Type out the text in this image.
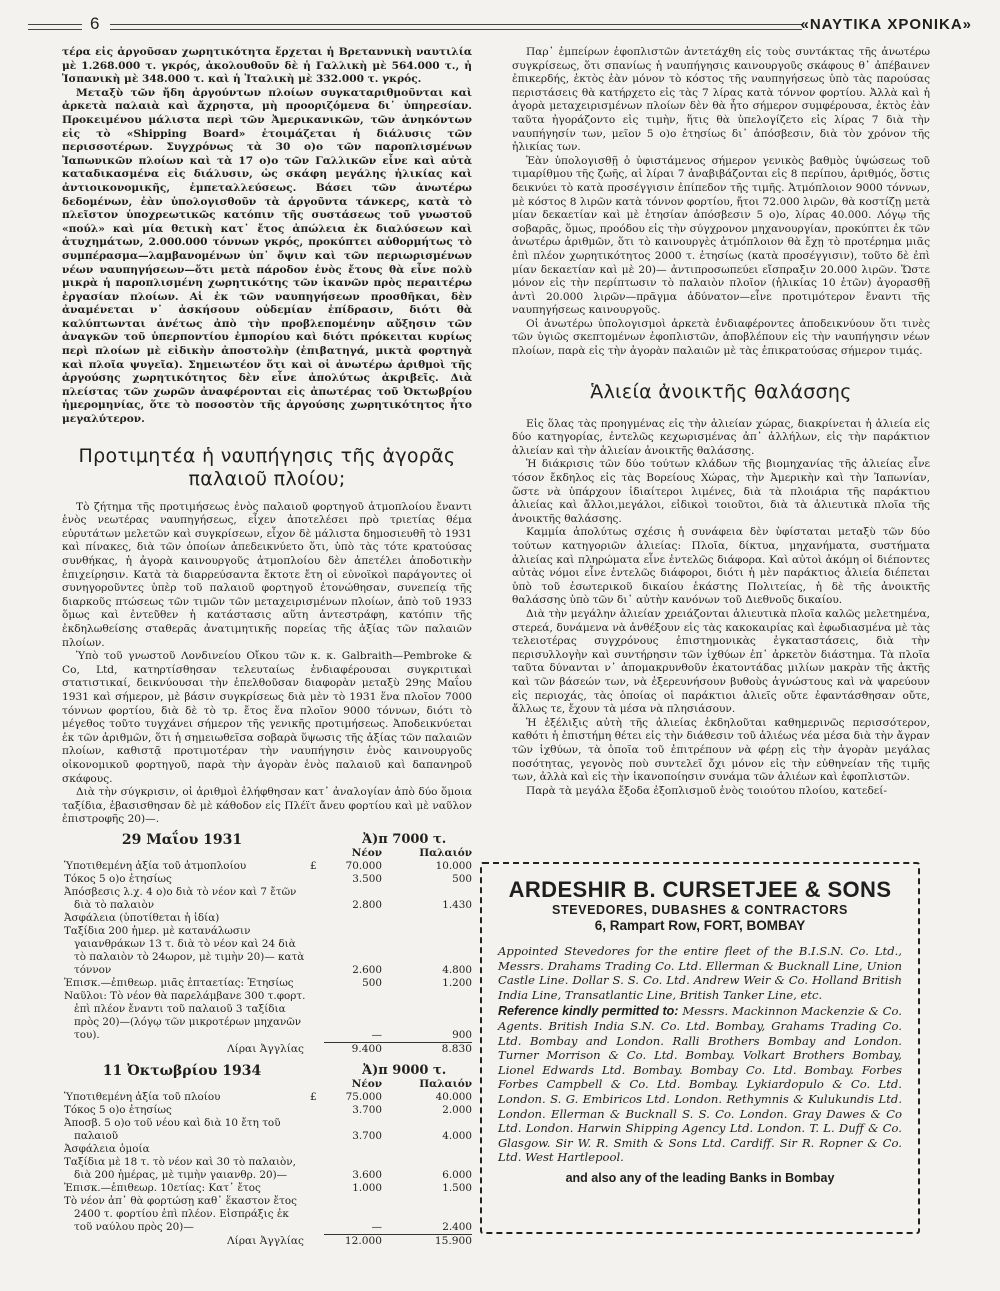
6	«ΝΑΥΤΙΚΑ ΧΡΟΝΙΚΑ»

τέρα εἰς ἀργοῦσαν χωρητικότητα ἔρχεται ἡ Βρεταννικὴ ναυτιλία μὲ 1.268.000 τ. γκρός, ἀκολουθοῦν δὲ ἡ Γαλλικὴ μὲ 564.000 τ., ἡ Ἱσπανικὴ μὲ 348.000 τ. καὶ ἡ Ἰταλικὴ μὲ 332.000 τ. γκρός.

Μεταξὺ τῶν ἤδη ἀργούντων πλοίων συγκαταριθμοῦνται καὶ ἀρκετὰ παλαιὰ καὶ ἄχρηστα, μὴ προοριζόμενα δι᾽ ὑπηρεσίαν. Προκειμένου μάλιστα περὶ τῶν Ἀμερικανικῶν, τῶν ἀνηκόντων εἰς τὸ «Shipping Board» ἑτοιμάζεται ἡ διάλυσις τῶν περισσοτέρων. Συγχρόνως τὰ 30 ο)ο τῶν παροπλισμένων Ἰαπωνικῶν πλοίων καὶ τὰ 17 ο)ο τῶν Γαλλικῶν εἶνε καὶ αὐτὰ καταδικασμένα εἰς διάλυσιν, ὡς σκάφη μεγάλης ἡλικίας καὶ ἀντιοικονομικῆς, ἐμπεταλλεύσεως. Βάσει τῶν ἀνωτέρω δεδομένων, ἐὰν ὑπολογισθοῦν τὰ ἀργοῦντα τάνκερς, κατὰ τὸ πλεῖστον ὑποχρεωτικῶς κατόπιν τῆς συστάσεως τοῦ γνωστοῦ «πούλ» καὶ μία θετικὴ κατ᾽ ἔτος ἀπώλεια ἐκ διαλύσεων καὶ ἀτυχημάτων, 2.000.000 τόννων γκρός, προκύπτει αὐθορμήτως τὸ συμπέρασμα—λαμβανομένων ὑπ᾽ ὄψιν καὶ τῶν περιωρισμένων νέων ναυπηγήσεων—ὅτι μετὰ πάροδον ἑνὸς ἔτους θὰ εἶνε πολὺ μικρὰ ἡ παροπλισμένη χωρητικότης τῶν ἱκανῶν πρὸς περαιτέρω ἐργασίαν πλοίων. Αἱ ἐκ τῶν ναυπηγήσεων προσθῆκαι, δὲν ἀναμένεται ν᾽ ἀσκήσουν οὐδεμίαν ἐπίδρασιν, διότι θὰ καλύπτωνται ἀνέτως ἀπὸ τὴν προβλεπομένην αὔξησιν τῶν ἀναγκῶν τοῦ ὑπερποντίου ἐμπορίου καὶ διότι πρόκειται κυρίως περὶ πλοίων μὲ εἰδικὴν ἀποστολὴν (ἐπιβατηγά, μικτὰ φορτηγὰ καὶ πλοῖα ψυγεῖα). Σημειωτέον ὅτι καὶ οἱ ἀνωτέρω ἀριθμοὶ τῆς ἀργούσης χωρητικότητος δὲν εἶνε ἀπολύτως ἀκριβεῖς. Διὰ πλείστας τῶν χωρῶν ἀναφέρονται εἰς ἀπωτέρας τοῦ Ὀκτωβρίου ἡμερομηνίας, ὅτε τὸ ποσοστὸν τῆς ἀργούσης χωρητικότητος ἦτο μεγαλύτερον.

Προτιμητέα ἡ ναυπήγησις τῆς ἀγορᾶς παλαιοῦ πλοίου;

Τὸ ζήτημα τῆς προτιμήσεως ἑνὸς παλαιοῦ φορτηγοῦ ἀτμοπλοίου ἔναντι ἑνὸς νεωτέρας ναυπηγήσεως, εἶχεν ἀποτελέσει πρὸ τριετίας θέμα εὐρυτάτων μελετῶν καὶ συγκρίσεων, εἶχον δὲ μάλιστα δημοσιευθῆ τὸ 1931 καὶ πίνακες, διὰ τῶν ὁποίων ἀπεδεικνύετο ὅτι, ὑπὸ τὰς τότε κρατούσας συνθήκας, ἡ ἀγορὰ καινουργοῦς ἀτμοπλοίου δὲν ἀπετέλει ἀποδοτικὴν ἐπιχείρησιν. Κατὰ τὰ διαρρεύσαντα ἔκτοτε ἔτη οἱ εὐνοϊκοὶ παράγοντες οἱ συνηγοροῦντες ὑπὲρ τοῦ παλαιοῦ φορτηγοῦ ἐτονώθησαν, συνεπείᾳ τῆς διαρκοῦς πτώσεως τῶν τιμῶν τῶν μεταχειρισμένων πλοίων, ἀπὸ τοῦ 1933 ὅμως καὶ ἐντεῦθεν ἡ κατάστασις αὕτη ἀντεστράφη, κατόπιν τῆς ἐκδηλωθείσης σταθερᾶς ἀνατιμητικῆς πορείας τῆς ἀξίας τῶν παλαιῶν πλοίων.

Ὑπὸ τοῦ γνωστοῦ Λονδινείου Οἴκου τῶν κ. κ. Galbraith—Pembroke & Co, Ltd, κατηρτίσθησαν τελευταίως ἐνδιαφέρουσαι συγκριτικαὶ στατιστικαί, δεικνύουσαι τὴν ἐπελθοῦσαν διαφορὰν μεταξὺ 29ης Μαΐου 1931 καὶ σήμερον, μὲ βάσιν συγκρίσεως διὰ μὲν τὸ 1931 ἕνα πλοῖον 7000 τόννων φορτίου, διὰ δὲ τὸ τρ. ἔτος ἕνα πλοῖον 9000 τόννων, διότι τὸ μέγεθος τοῦτο τυγχάνει σήμερον τῆς γενικῆς προτιμήσεως. Ἀποδεικνύεται ἐκ τῶν ἀριθμῶν, ὅτι ἡ σημειωθεῖσα σοβαρὰ ὕψωσις τῆς ἀξίας τῶν παλαιῶν πλοίων, καθιστᾷ προτιμοτέραν τὴν ναυπήγησιν ἑνὸς καινουργοῦς οἰκονομικοῦ φορτηγοῦ, παρὰ τὴν ἀγορὰν ἑνὸς παλαιοῦ καὶ δαπανηροῦ σκάφους.

Διὰ τὴν σύγκρισιν, οἱ ἀριθμοὶ ἐλήφθησαν κατ᾽ ἀναλογίαν ἀπὸ δύο ὅμοια ταξίδια, ἑβασισθησαν δὲ μὲ κάθοδον εἰς Πλέϊτ ἄνευ φορτίου καὶ μὲ ναῦλον ἐπιστροφῆς 20)—.

29 Μαΐου 1931	Ἀ)π 7000 τ.
Νέον	Παλαιόν
Ὑποτιθεμένη ἀξία τοῦ ἀτμοπλοίου	£	70.000	10.000
Τόκος 5 ο)ο ἐτησίως	3.500	500
Ἀπόσβεσις λ.χ. 4 ο)ο διὰ τὸ νέον καὶ 7 ἔτῶν διὰ τὸ παλαιὸν	2.800	1.430
Ἀσφάλεια (ὑποτίθεται ἡ ἰδία)
Ταξίδια 200 ἡμερ. μὲ κατανάλωσιν γαιανθράκων 13 τ. διὰ τὸ νέον καὶ 24 διὰ τὸ παλαιὸν τὸ 24ωρον, μὲ τιμὴν 20)— κατὰ τόννον	2.600	4.800
Ἐπισκ.—ἐπιθεωρ. μιᾶς ἑπταετίας: Ἐτησίως	500	1.200
Ναῦλοι: Τὸ νέον θὰ παρελάμβανε 300 τ.φορτ. ἐπὶ πλέον ἔναντι τοῦ παλαιοῦ 3 ταξίδια πρὸς 20)—(λόγῳ τῶν μικροτέρων μηχανῶν του).	—	900
Λίραι Ἀγγλίας	9.400	8.830
11 Ὀκτωβρίου 1934	Ἀ)π 9000 τ.
Νέον	Παλαιόν
Ὑποτιθεμένη ἀξία τοῦ πλοίου	£	75.000	40.000
Τόκος 5 ο)ο ἐτησίως	3.700	2.000
Ἀποσβ. 5 ο)ο τοῦ νέου καὶ διὰ 10 ἔτη τοῦ παλαιοῦ	3.700	4.000
Ἀσφάλεια ὁμοία
Ταξίδια μὲ 18 τ. τὸ νέον καὶ 30 τὸ παλαιὸν, διὰ 200 ἡμέρας, μὲ τιμὴν γαιανθρ. 20)—	3.600	6.000
Ἐπισκ.—ἐπιθεωρ. 10ετίας: Κατ᾽ ἔτος	1.000	1.500
Τὸ νέον ἀπ᾽ θὰ φορτώσῃ καθ᾽ ἕκαστον ἔτος 2400 τ. φορτίου ἐπὶ πλέον. Εἰσπράξις ἐκ τοῦ ναύλου πρὸς 20)—	—	2.400
Λίραι Ἀγγλίας	12.000	15.900

Παρ᾽ ἐμπείρων ἐφοπλιστῶν ἀντετάχθη εἰς τοὺς συντάκτας τῆς ἀνωτέρω συγκρίσεως, ὅτι σπανίως ἡ ναυπήγησις καινουργοῦς σκάφους θ᾽ ἀπέβαινεν ἐπικερδής, ἐκτὸς ἐὰν μόνον τὸ κόστος τῆς ναυπηγήσεως ὑπὸ τὰς παρούσας περιστάσεις θὰ κατήρχετο εἰς τὰς 7 λίρας κατὰ τόννον φορτίου. Ἀλλὰ καὶ ἡ ἀγορὰ μεταχειρισμένων πλοίων δὲν θὰ ἦτο σήμερον συμφέρουσα, ἐκτὸς ἐὰν ταῦτα ἠγοράζοντο εἰς τιμὴν, ἥτις θὰ ὑπελογίζετο εἰς λίρας 7 διὰ τὴν ναυπήγησίν των, μεῖον 5 ο)ο ἐτησίως δι᾽ ἀπόσβεσιν, διὰ τὸν χρόνον τῆς ἡλικίας των.

Ἐὰν ὑπολογισθῇ ὁ ὑφιστάμενος σήμερον γενικὸς βαθμὸς ὑψώσεως τοῦ τιμαρίθμου τῆς ζωῆς, αἱ λίραι 7 ἀναβιβάζονται εἰς 8 περίπου, ἀριθμός, ὅστις δεικνύει τὸ κατὰ προσέγγισιν ἐπίπεδον τῆς τιμῆς. Ἀτμόπλοιον 9000 τόννων, μὲ κόστος 8 λιρῶν κατὰ τόννον φορτίου, ἤτοι 72.000 λιρῶν, θὰ κοστίζῃ μετὰ μίαν δεκαετίαν καὶ μὲ ἐτησίαν ἀπόσβεσιν 5 ο)ο, λίρας 40.000. Λόγῳ τῆς σοβαρᾶς, ὅμως, προόδου εἰς τὴν σύγχρονον μηχανουργίαν, προκύπτει ἐκ τῶν ἀνωτέρω ἀριθμῶν, ὅτι τὸ καινουργὲς ἀτμόπλοιον θὰ ἔχῃ τὸ προτέρημα μιᾶς ἐπὶ πλέον χωρητικότητος 2000 τ. ἐτησίως (κατὰ προσέγγισιν), τοῦτο δὲ ἐπὶ μίαν δεκαετίαν καὶ μὲ 20)— ἀντιπροσωπεύει εἴσπραξιν 20.000 λιρῶν. Ὥστε μόνον εἰς τὴν περίπτωσιν τὸ παλαιὸν πλοῖον (ἡλικίας 10 ἐτῶν) ἀγορασθῇ ἀντὶ 20.000 λιρῶν—πρᾶγμα ἀδύνατον—εἶνε προτιμότερον ἔναντι τῆς ναυπηγήσεως καινουργοῦς.

Οἱ ἀνωτέρω ὑπολογισμοὶ ἀρκετὰ ἐνδιαφέροντες ἀποδεικνύουν ὅτι τινὲς τῶν ὑγιῶς σκεπτομένων ἐφοπλιστῶν, ἀποβλέπουν εἰς τὴν ναυπήγησιν νέων πλοίων, παρὰ εἰς τὴν ἀγορὰν παλαιῶν μὲ τὰς ἐπικρατούσας σήμερον τιμάς.

Ἁλιεία ἀνοικτῆς θαλάσσης

Εἰς ὅλας τὰς προηγμένας εἰς τὴν ἁλιείαν χώρας, διακρίνεται ἡ ἁλιεία εἰς δύο κατηγορίας, ἐντελῶς κεχωρισμένας ἀπ᾽ ἀλλήλων, εἰς τὴν παράκτιον ἁλιείαν καὶ τὴν ἁλιείαν ἀνοικτῆς θαλάσσης.

Ἡ διάκρισις τῶν δύο τούτων κλάδων τῆς βιομηχανίας τῆς ἁλιείας εἶνε τόσον ἔκδηλος εἰς τὰς Βορείους Χώρας, τὴν Ἀμερικὴν καὶ τὴν Ἰαπωνίαν, ὥστε νὰ ὑπάρχουν ἰδιαίτεροι λιμένες, διὰ τὰ πλοιάρια τῆς παράκτιου ἁλιείας καὶ ἄλλοι,μεγάλοι, εἰδικοὶ τοιοῦτοι, διὰ τὰ ἁλιευτικὰ πλοῖα τῆς ἀνοικτῆς θαλάσσης.

Καμμία ἀπολύτως σχέσις ἡ συνάφεια δὲν ὑφίσταται μεταξὺ τῶν δύο τούτων κατηγοριῶν ἁλιείας: Πλοῖα, δίκτυα, μηχανήματα, συστήματα ἁλιείας καὶ πληρώματα εἶνε ἐντελῶς διάφορα. Καὶ αὐτοὶ ἀκόμη οἱ διέποντες αὐτὰς νόμοι εἶνε ἐντελῶς διάφοροι, διότι ἡ μὲν παράκτιος ἁλιεία διέπεται ὑπὸ τοῦ ἐσωτερικοῦ δικαίου ἑκάστης Πολιτείας, ἡ δὲ τῆς ἀνοικτῆς θαλάσσης ὑπὸ τῶν δι᾽ αὐτὴν κανόνων τοῦ Διεθνοῦς δικαίου.

Διὰ τὴν μεγάλην ἁλιείαν χρειάζονται ἁλιευτικὰ πλοῖα καλῶς μελετημένα, στερεά, δυνάμενα νὰ ἀνθέξουν εἰς τὰς κακοκαιρίας καὶ ἐφωδιασμένα μὲ τὰς τελειοτέρας συγχρόνους ἐπιστημονικὰς ἐγκαταστάσεις, διὰ τὴν περισυλλογὴν καὶ συντήρησιν τῶν ἰχθύων ἐπ᾽ ἀρκετὸν διάστημα. Τὰ πλοῖα ταῦτα δύνανται ν᾽ ἀπομακρυνθοῦν ἑκατοντάδας μιλίων μακρὰν τῆς ἀκτῆς καὶ τῶν βάσεών των, νὰ ἐξερευνήσουν βυθοὺς ἀγνώστους καὶ νὰ ψαρεύουν εἰς περιοχάς, τὰς ὁποίας οἱ παράκτιοι ἁλιεῖς οὔτε ἐφαντάσθησαν οὔτε, ἄλλως τε, ἔχουν τὰ μέσα νὰ πλησιάσουν.

Ἡ ἐξέλιξις αὐτὴ τῆς ἁλιείας ἐκδηλοῦται καθημερινῶς περισσότερον, καθότι ἡ ἐπιστήμη θέτει εἰς τὴν διάθεσιν τοῦ ἁλιέως νέα μέσα διὰ τὴν ἄγραν τῶν ἰχθύων, τὰ ὁποῖα τοῦ ἐπιτρέπουν νὰ φέρῃ εἰς τὴν ἀγορὰν μεγάλας ποσότητας, γεγονὸς ποὺ συντελεῖ ὄχι μόνον εἰς τὴν εὐθηνείαν τῆς τιμῆς των, ἀλλὰ καὶ εἰς τὴν ἱκανοποίησιν συνάμα τῶν ἁλιέων καὶ ἐφοπλιστῶν.

Παρὰ τὰ μεγάλα ἔξοδα ἐξοπλισμοῦ ἑνὸς τοιούτου πλοίου, κατεδεί-

ARDESHIR B. CURSETJEE & SONS
STEVEDORES, DUBASHES & CONTRACTORS
6, Rampart Row, FORT, BOMBAY
Appointed Stevedores for the entire fleet of the B.I.S.N. Co. Ltd., Messrs. Drahams Trading Co. Ltd. Ellerman & Bucknall Line, Union Castle Line. Dollar S. S. Co. Ltd. Andrew Weir & Co. Holland British India Line, Transatlantic Line, British Tanker Line, etc.
Reference kindly permitted to: Messrs. Mackinnon Mackenzie & Co. Agents. British India S.N. Co. Ltd. Bombay, Grahams Trading Co. Ltd. Bombay and London. Ralli Brothers Bombay and London. Turner Morrison & Co. Ltd. Bombay. Volkart Brothers Bombay, Lionel Edwards Ltd. Bombay. Bombay Co. Ltd. Bombay. Forbes Forbes Campbell & Co. Ltd. Bombay. Lykiardopulo & Co. Ltd. London. S. G. Embiricos Ltd. London. Rethymnis & Kulukundis Ltd. London. Ellerman & Bucknall S. S. Co. London. Gray Dawes & Co Ltd. London. Harwin Shipping Agency Ltd. London. T. L. Duff & Co. Glasgow. Sir W. R. Smith & Sons Ltd. Cardiff. Sir R. Ropner & Co. Ltd. West Hartlepool.
and also any of the leading Banks in Bombay
